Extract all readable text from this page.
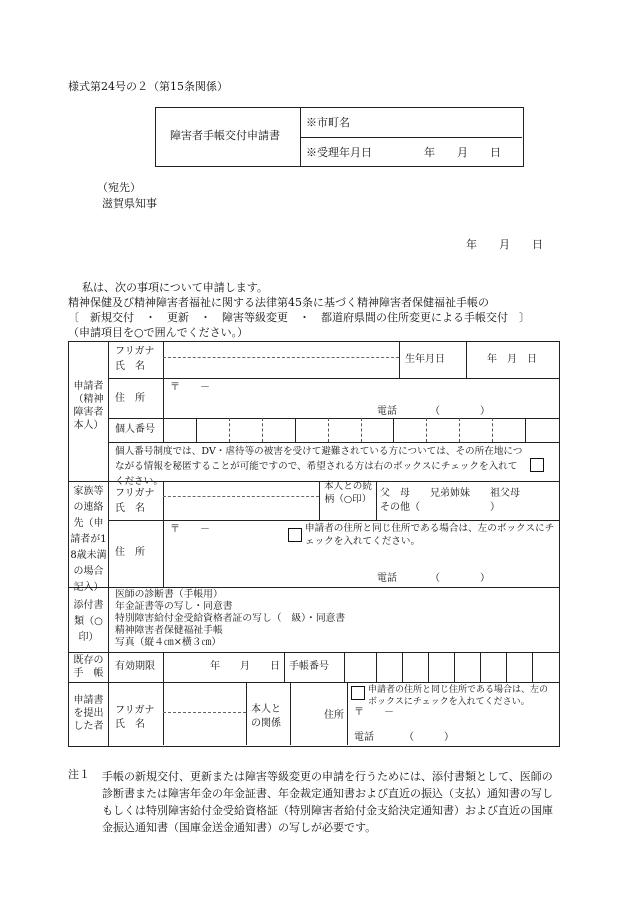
様式第24号の２（第15条関係）
障害者手帳交付申請書
※市町名
※受理年月日	年　　月　　日
（宛先）
滋賀県知事
年　　月　　日
私は、次の事項について申請します。
精神保健及び精神障害者福祉に関する法律第45条に基づく精神障害者保健福祉手帳の
〔　新規交付　・　更新　・　障害等級変更　・　都道府県間の住所変更による手帳交付　〕
（申請項目を○で囲んでください。）
申請者（精神障害者本人）
フリガナ
氏　名
生年月日	年　月　日
住　所
〒　　－
電話	（　　　　）
個人番号
個人番号制度では、DV・虐待等の被害を受けて避難されている方については、その所在地につながる情報を秘匿することが可能ですので、希望される方は右のボックスにチェックを入れてください。
家族等の連絡先（申請者が18歳未満の場合記入）
フリガナ
氏　名
本人との続　柄（○印） 父　母　　兄弟姉妹　　祖父母
その他（　　　　　　　）
住　所
〒　　－	申請者の住所と同じ住所である場合は、左のボックスにチェックを入れてください。
電話	（　　　　）
添付書類（○印）
医師の診断書（手帳用）
年金証書等の写し・同意書
特別障害給付金受給資格者証の写し（　級）・同意書
精神障害者保健福祉手帳
写真（縦４㎝×横３㎝）
既存の手　帳
有効期限	年　　月　　日 手帳番号
申請書を提出した者
フリガナ
氏　名
本人との関係
住所
申請者の住所と同じ住所である場合は、左のボックスにチェックを入れてください。
〒　　－
電話	（　　　）
注１ 手帳の新規交付、更新または障害等級変更の申請を行うためには、添付書類として、医師の診断書または障害年金の年金証書、年金裁定通知書および直近の振込（支払）通知書の写しもしくは特別障害給付金受給資格証（特別障害者給付金支給決定通知書）および直近の国庫金振込通知書（国庫金送金通知書）の写しが必要です。
